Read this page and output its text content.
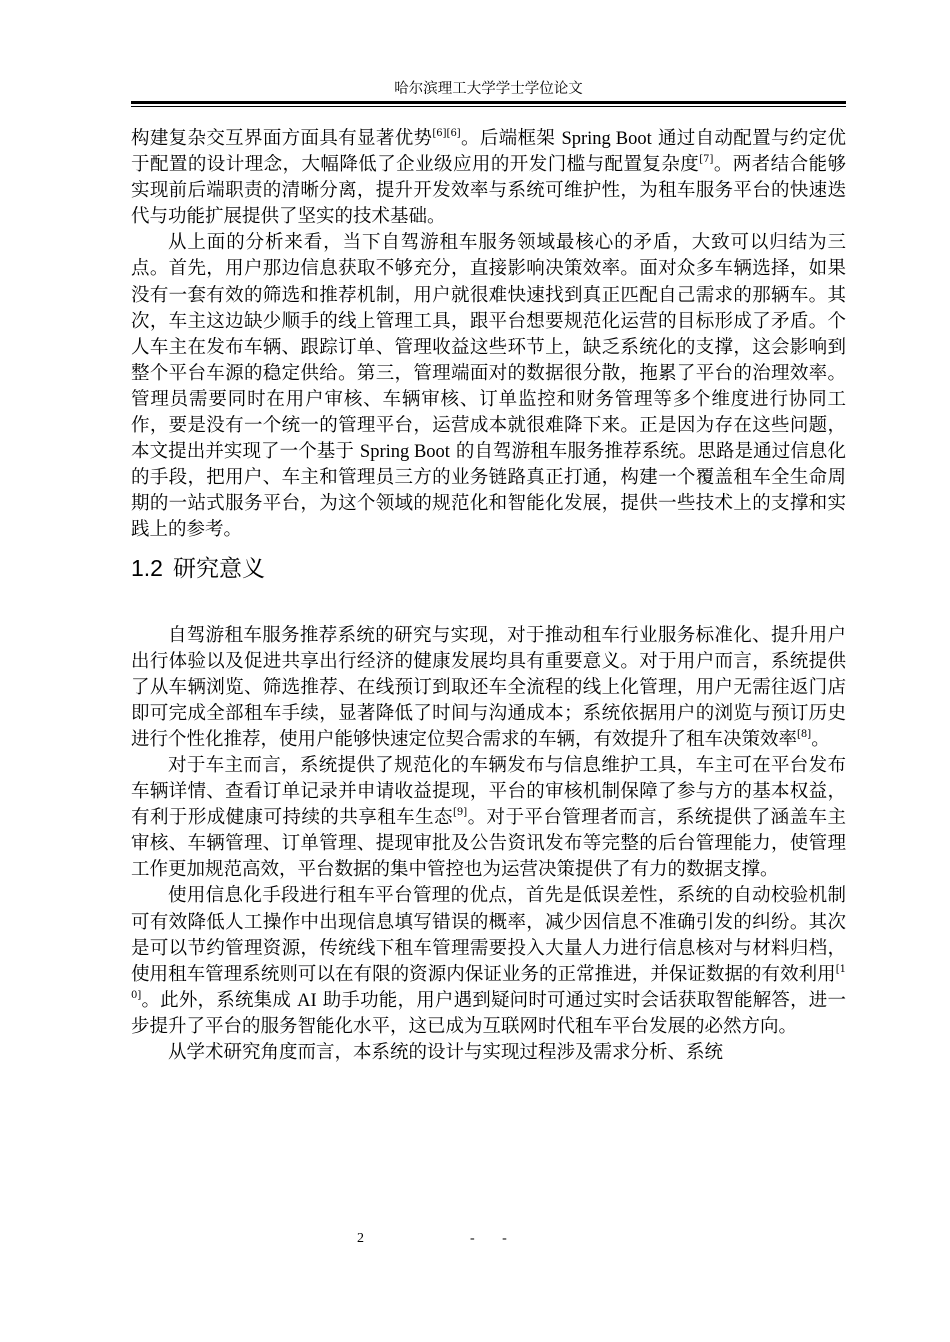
哈尔滨理工大学学士学位论文

构建复杂交互界面方面具有显著优势[6][6]。后端框架 Spring Boot 通过自动配置与约定优于配置的设计理念，大幅降低了企业级应用的开发门槛与配置复杂度[7]。两者结合能够实现前后端职责的清晰分离，提升开发效率与系统可维护性，为租车服务平台的快速迭代与功能扩展提供了坚实的技术基础。

从上面的分析来看，当下自驾游租车服务领域最核心的矛盾，大致可以归结为三点。首先，用户那边信息获取不够充分，直接影响决策效率。面对众多车辆选择，如果没有一套有效的筛选和推荐机制，用户就很难快速找到真正匹配自己需求的那辆车。其次，车主这边缺少顺手的线上管理工具，跟平台想要规范化运营的目标形成了矛盾。个人车主在发布车辆、跟踪订单、管理收益这些环节上，缺乏系统化的支撑，这会影响到整个平台车源的稳定供给。第三，管理端面对的数据很分散，拖累了平台的治理效率。管理员需要同时在用户审核、车辆审核、订单监控和财务管理等多个维度进行协同工作，要是没有一个统一的管理平台，运营成本就很难降下来。正是因为存在这些问题，本文提出并实现了一个基于 Spring Boot 的自驾游租车服务推荐系统。思路是通过信息化的手段，把用户、车主和管理员三方的业务链路真正打通，构建一个覆盖租车全生命周期的一站式服务平台，为这个领域的规范化和智能化发展，提供一些技术上的支撑和实践上的参考。

1.2 研究意义

自驾游租车服务推荐系统的研究与实现，对于推动租车行业服务标准化、提升用户出行体验以及促进共享出行经济的健康发展均具有重要意义。对于用户而言，系统提供了从车辆浏览、筛选推荐、在线预订到取还车全流程的线上化管理，用户无需往返门店即可完成全部租车手续，显著降低了时间与沟通成本；系统依据用户的浏览与预订历史进行个性化推荐，使用户能够快速定位契合需求的车辆，有效提升了租车决策效率[8]。

对于车主而言，系统提供了规范化的车辆发布与信息维护工具，车主可在平台发布车辆详情、查看订单记录并申请收益提现，平台的审核机制保障了参与方的基本权益，有利于形成健康可持续的共享租车生态[9]。对于平台管理者而言，系统提供了涵盖车主审核、车辆管理、订单管理、提现审批及公告资讯发布等完整的后台管理能力，使管理工作更加规范高效，平台数据的集中管控也为运营决策提供了有力的数据支撑。

使用信息化手段进行租车平台管理的优点，首先是低误差性，系统的自动校验机制可有效降低人工操作中出现信息填写错误的概率，减少因信息不准确引发的纠纷。其次是可以节约管理资源，传统线下租车管理需要投入大量人力进行信息核对与材料归档，使用租车管理系统则可以在有限的资源内保证业务的正常推进，并保证数据的有效利用[10]。此外，系统集成 AI 助手功能，用户遇到疑问时可通过实时会话获取智能解答，进一步提升了平台的服务智能化水平，这已成为互联网时代租车平台发展的必然方向。

从学术研究角度而言，本系统的设计与实现过程涉及需求分析、系统

2	- -
